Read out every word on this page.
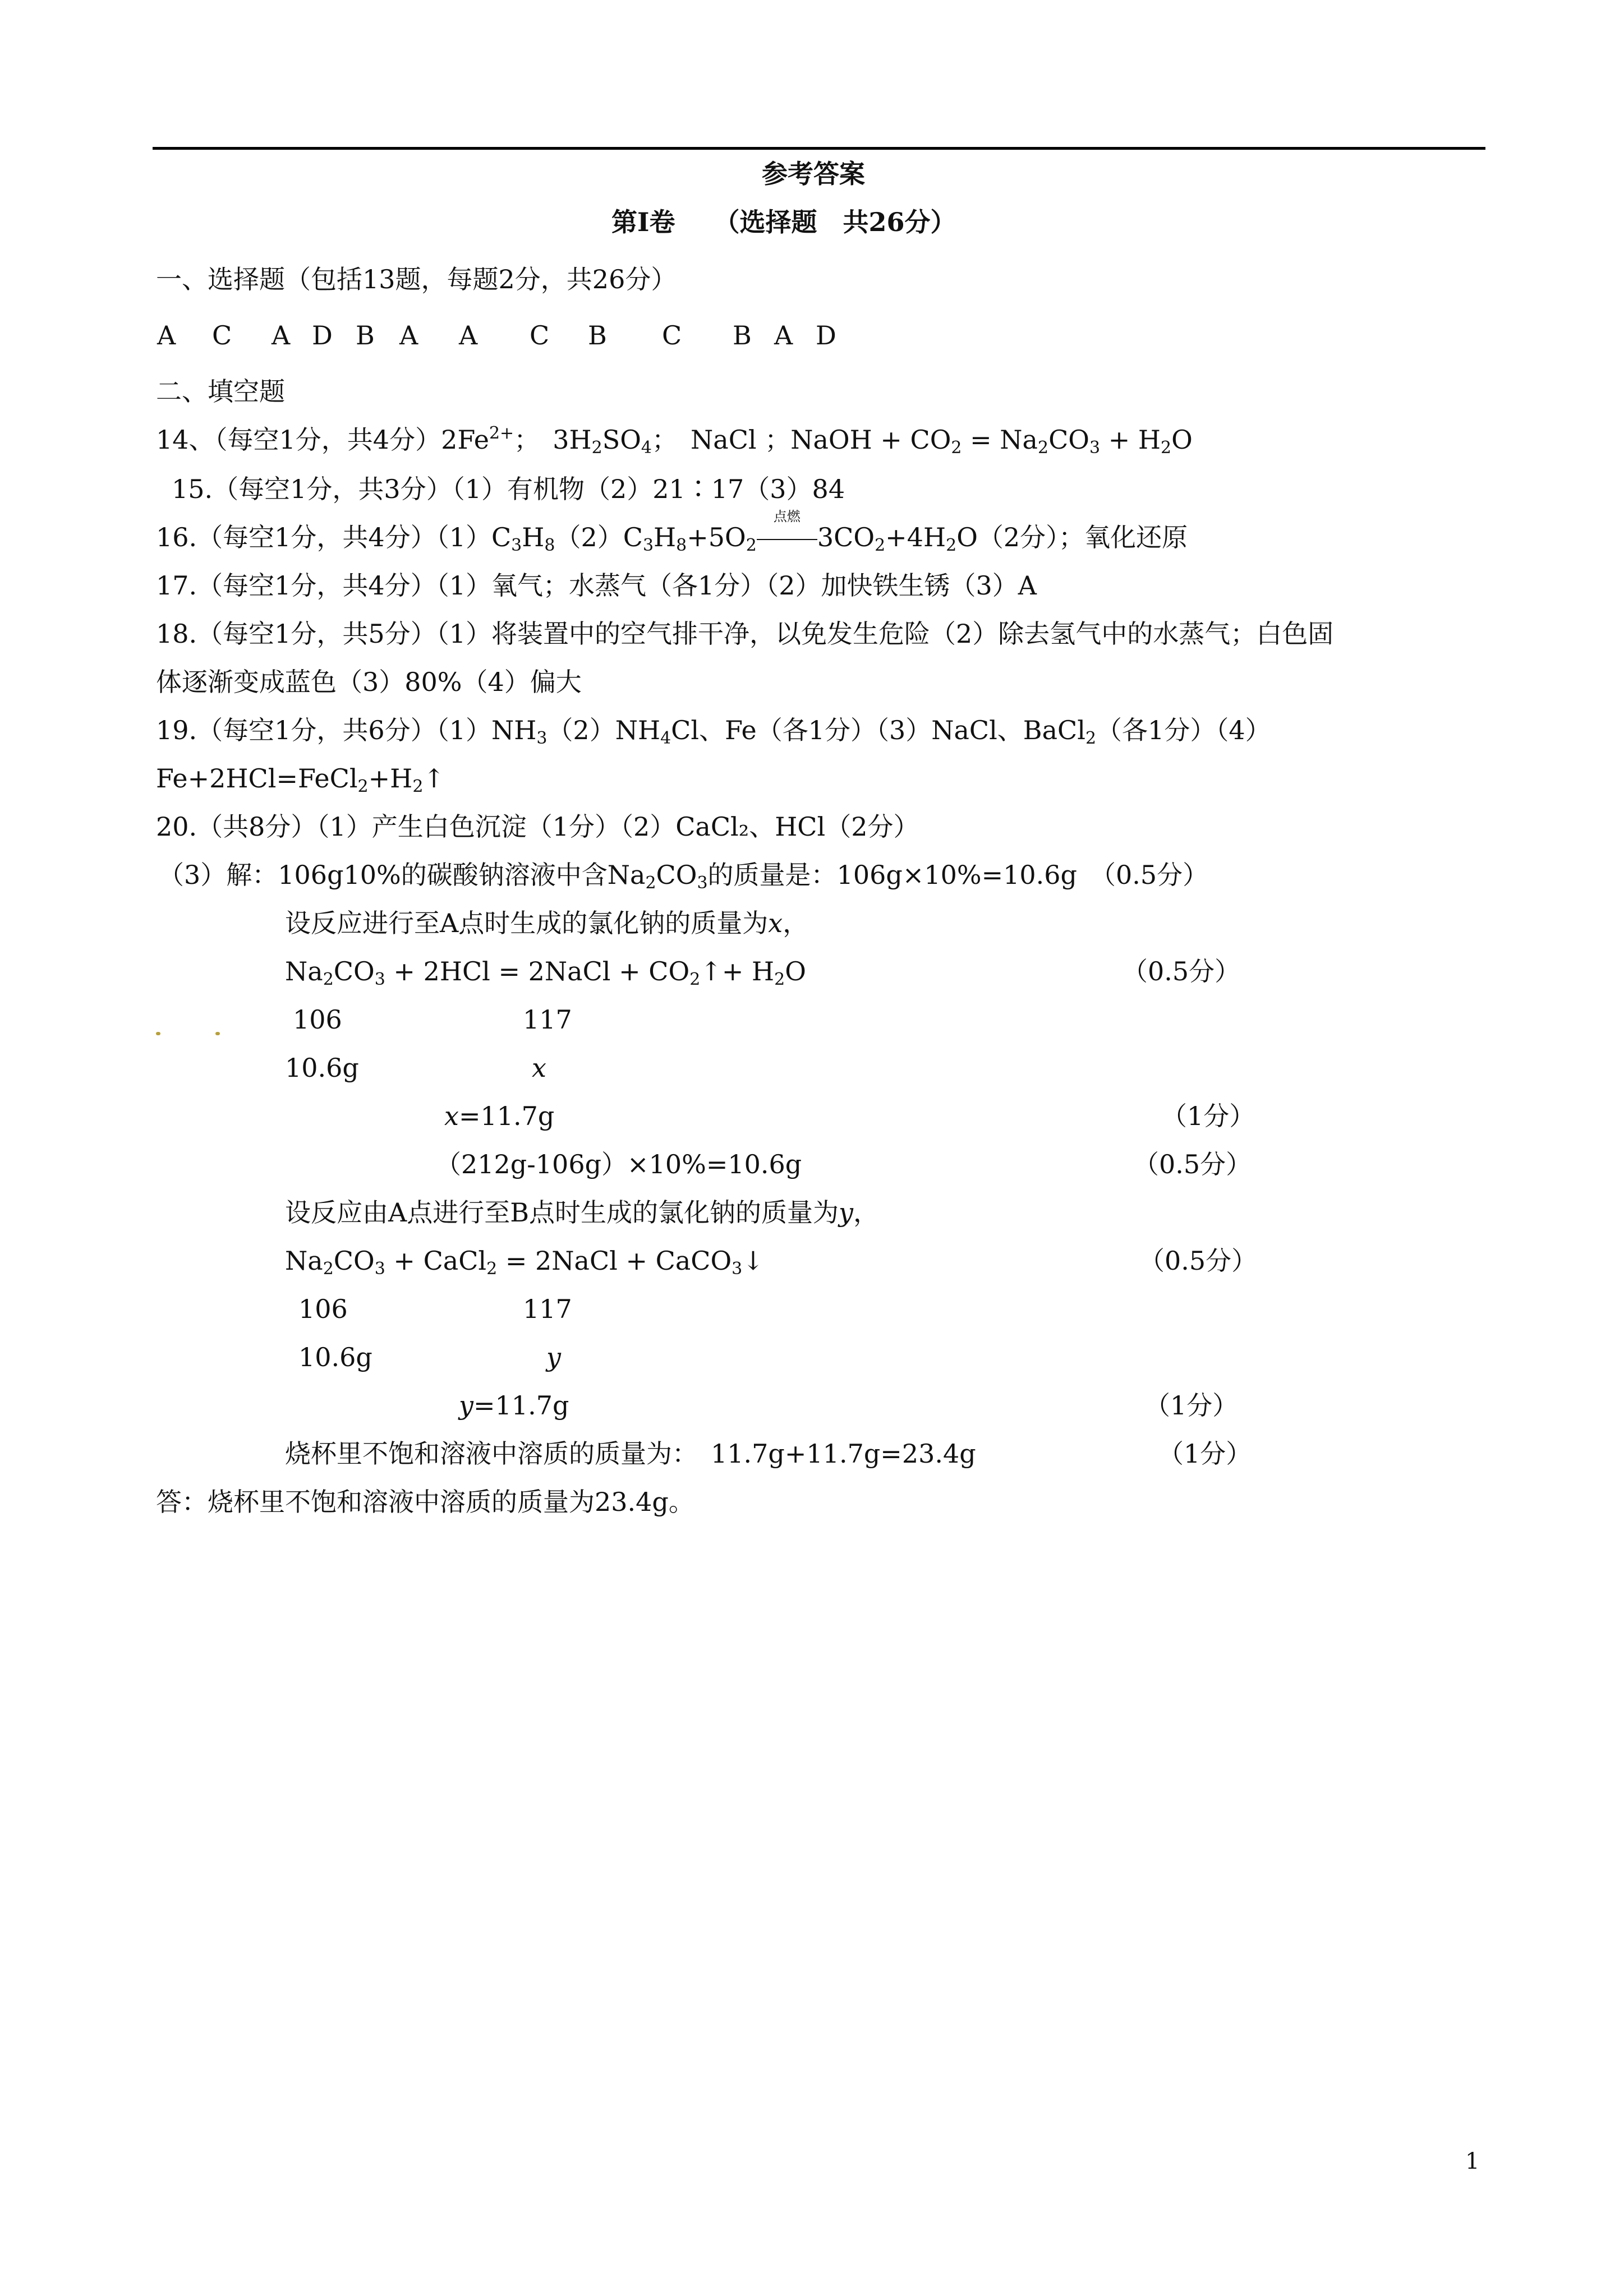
参考答案
第Ⅰ卷　　（选择题　共26分）
一、选择题（包括13题，每题2分，共26分）
A C A D B A A C B C B A D
二、填空题
14、（每空1分，共4分）$2Fe^{2+}$；　$3H_2SO_4$；　NaCl ；NaOH + $CO_2 = Na_2CO_3 + H_2O$
15.（每空1分，共3分）（1）有机物（2）21∶17（3）84
16.（每空1分，共4分）$(1)C_3H_8(2)C_3H_8+5O_2$
点燃
$3CO_2+4H_2O(2$分）；氧化还原
17.（每空1分，共4分）（1）氧气；水蒸气（各1分）（2）加快铁生锈（3）A
18.（每空1分，共5分）（1）将装置中的空气排干净，以免发生危险（2）除去氢气中的水蒸气；白色固
体逐渐变成蓝色（3）80%（4）偏大
19.（每空1分，共6分）$(1)NH_3(2)NH_4Cl$、Fe（各1分）（3）NaCl、BaCl$_2$（各1分）（4）
$Fe+2HCl=FeCl_2+H_2↑$
20.（共8分）（1）产生白色沉淀（1分）（2）CaCl₂、HCl（2分）
（3）解：106g10%的碳酸钠溶液中含$Na_2CO_3$的质量是：106g×10%=10.6g　（0.5分）
设反应进行至A点时生成的氯化钠的质量为x，
$Na_2CO_3 + 2HCl$ = 2NaCl + $CO_2↑+ H_2O$	（0.5分）
106	117
10.6g	x
x=11.7g	（1分）
（212g-106g）×10%=10.6g	（0.5分）
设反应由A点进行至B点时生成的氯化钠的质量为y，
$Na_2CO_3$ + CaCl$_2$ = 2NaCl + CaCO$_3$↓	（0.5分）
106	117
10.6g	y
y=11.7g	（1分）
烧杯里不饱和溶液中溶质的质量为：　11.7g+11.7g=23.4g	（1分）
答：烧杯里不饱和溶液中溶质的质量为23.4g。
1
